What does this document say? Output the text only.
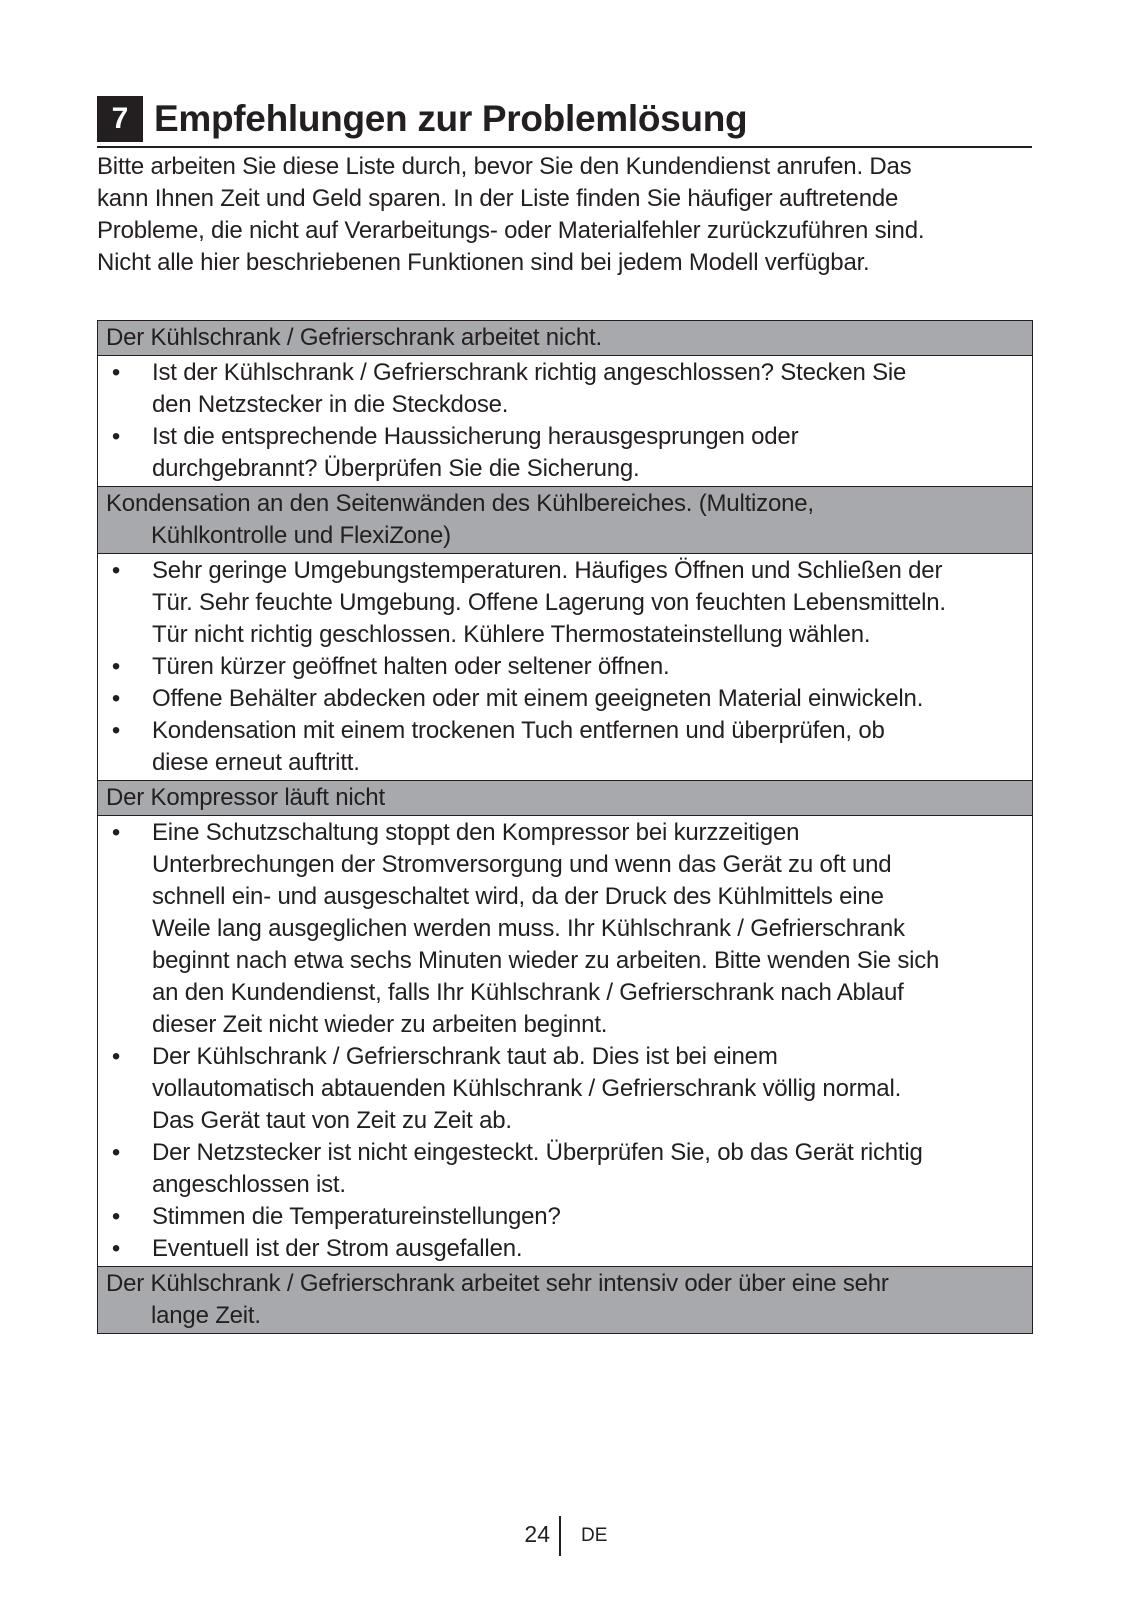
7 Empfehlungen zur Problemlösung
Bitte arbeiten Sie diese Liste durch, bevor Sie den Kundendienst anrufen. Das
kann Ihnen Zeit und Geld sparen. In der Liste finden Sie häufiger auftretende
Probleme, die nicht auf Verarbeitungs- oder Materialfehler zurückzuführen sind.
Nicht alle hier beschriebenen Funktionen sind bei jedem Modell verfügbar.
Der Kühlschrank / Gefrierschrank arbeitet nicht.
• Ist der Kühlschrank / Gefrierschrank richtig angeschlossen? Stecken Sie
den Netzstecker in die Steckdose.
• Ist die entsprechende Haussicherung herausgesprungen oder
durchgebrannt? Überprüfen Sie die Sicherung.
Kondensation an den Seitenwänden des Kühlbereiches. (Multizone,
Kühlkontrolle und FlexiZone)
• Sehr geringe Umgebungstemperaturen. Häufiges Öffnen und Schließen der
Tür. Sehr feuchte Umgebung. Offene Lagerung von feuchten Lebensmitteln.
Tür nicht richtig geschlossen. Kühlere Thermostateinstellung wählen.
• Türen kürzer geöffnet halten oder seltener öffnen.
• Offene Behälter abdecken oder mit einem geeigneten Material einwickeln.
• Kondensation mit einem trockenen Tuch entfernen und überprüfen, ob
diese erneut auftritt.
Der Kompressor läuft nicht
• Eine Schutzschaltung stoppt den Kompressor bei kurzzeitigen
Unterbrechungen der Stromversorgung und wenn das Gerät zu oft und
schnell ein- und ausgeschaltet wird, da der Druck des Kühlmittels eine
Weile lang ausgeglichen werden muss. Ihr Kühlschrank / Gefrierschrank
beginnt nach etwa sechs Minuten wieder zu arbeiten. Bitte wenden Sie sich
an den Kundendienst, falls Ihr Kühlschrank / Gefrierschrank nach Ablauf
dieser Zeit nicht wieder zu arbeiten beginnt.
• Der Kühlschrank / Gefrierschrank taut ab. Dies ist bei einem
vollautomatisch abtauenden Kühlschrank / Gefrierschrank völlig normal.
Das Gerät taut von Zeit zu Zeit ab.
• Der Netzstecker ist nicht eingesteckt. Überprüfen Sie, ob das Gerät richtig
angeschlossen ist.
• Stimmen die Temperatureinstellungen?
• Eventuell ist der Strom ausgefallen.
Der Kühlschrank / Gefrierschrank arbeitet sehr intensiv oder über eine sehr
lange Zeit.
24 DE
